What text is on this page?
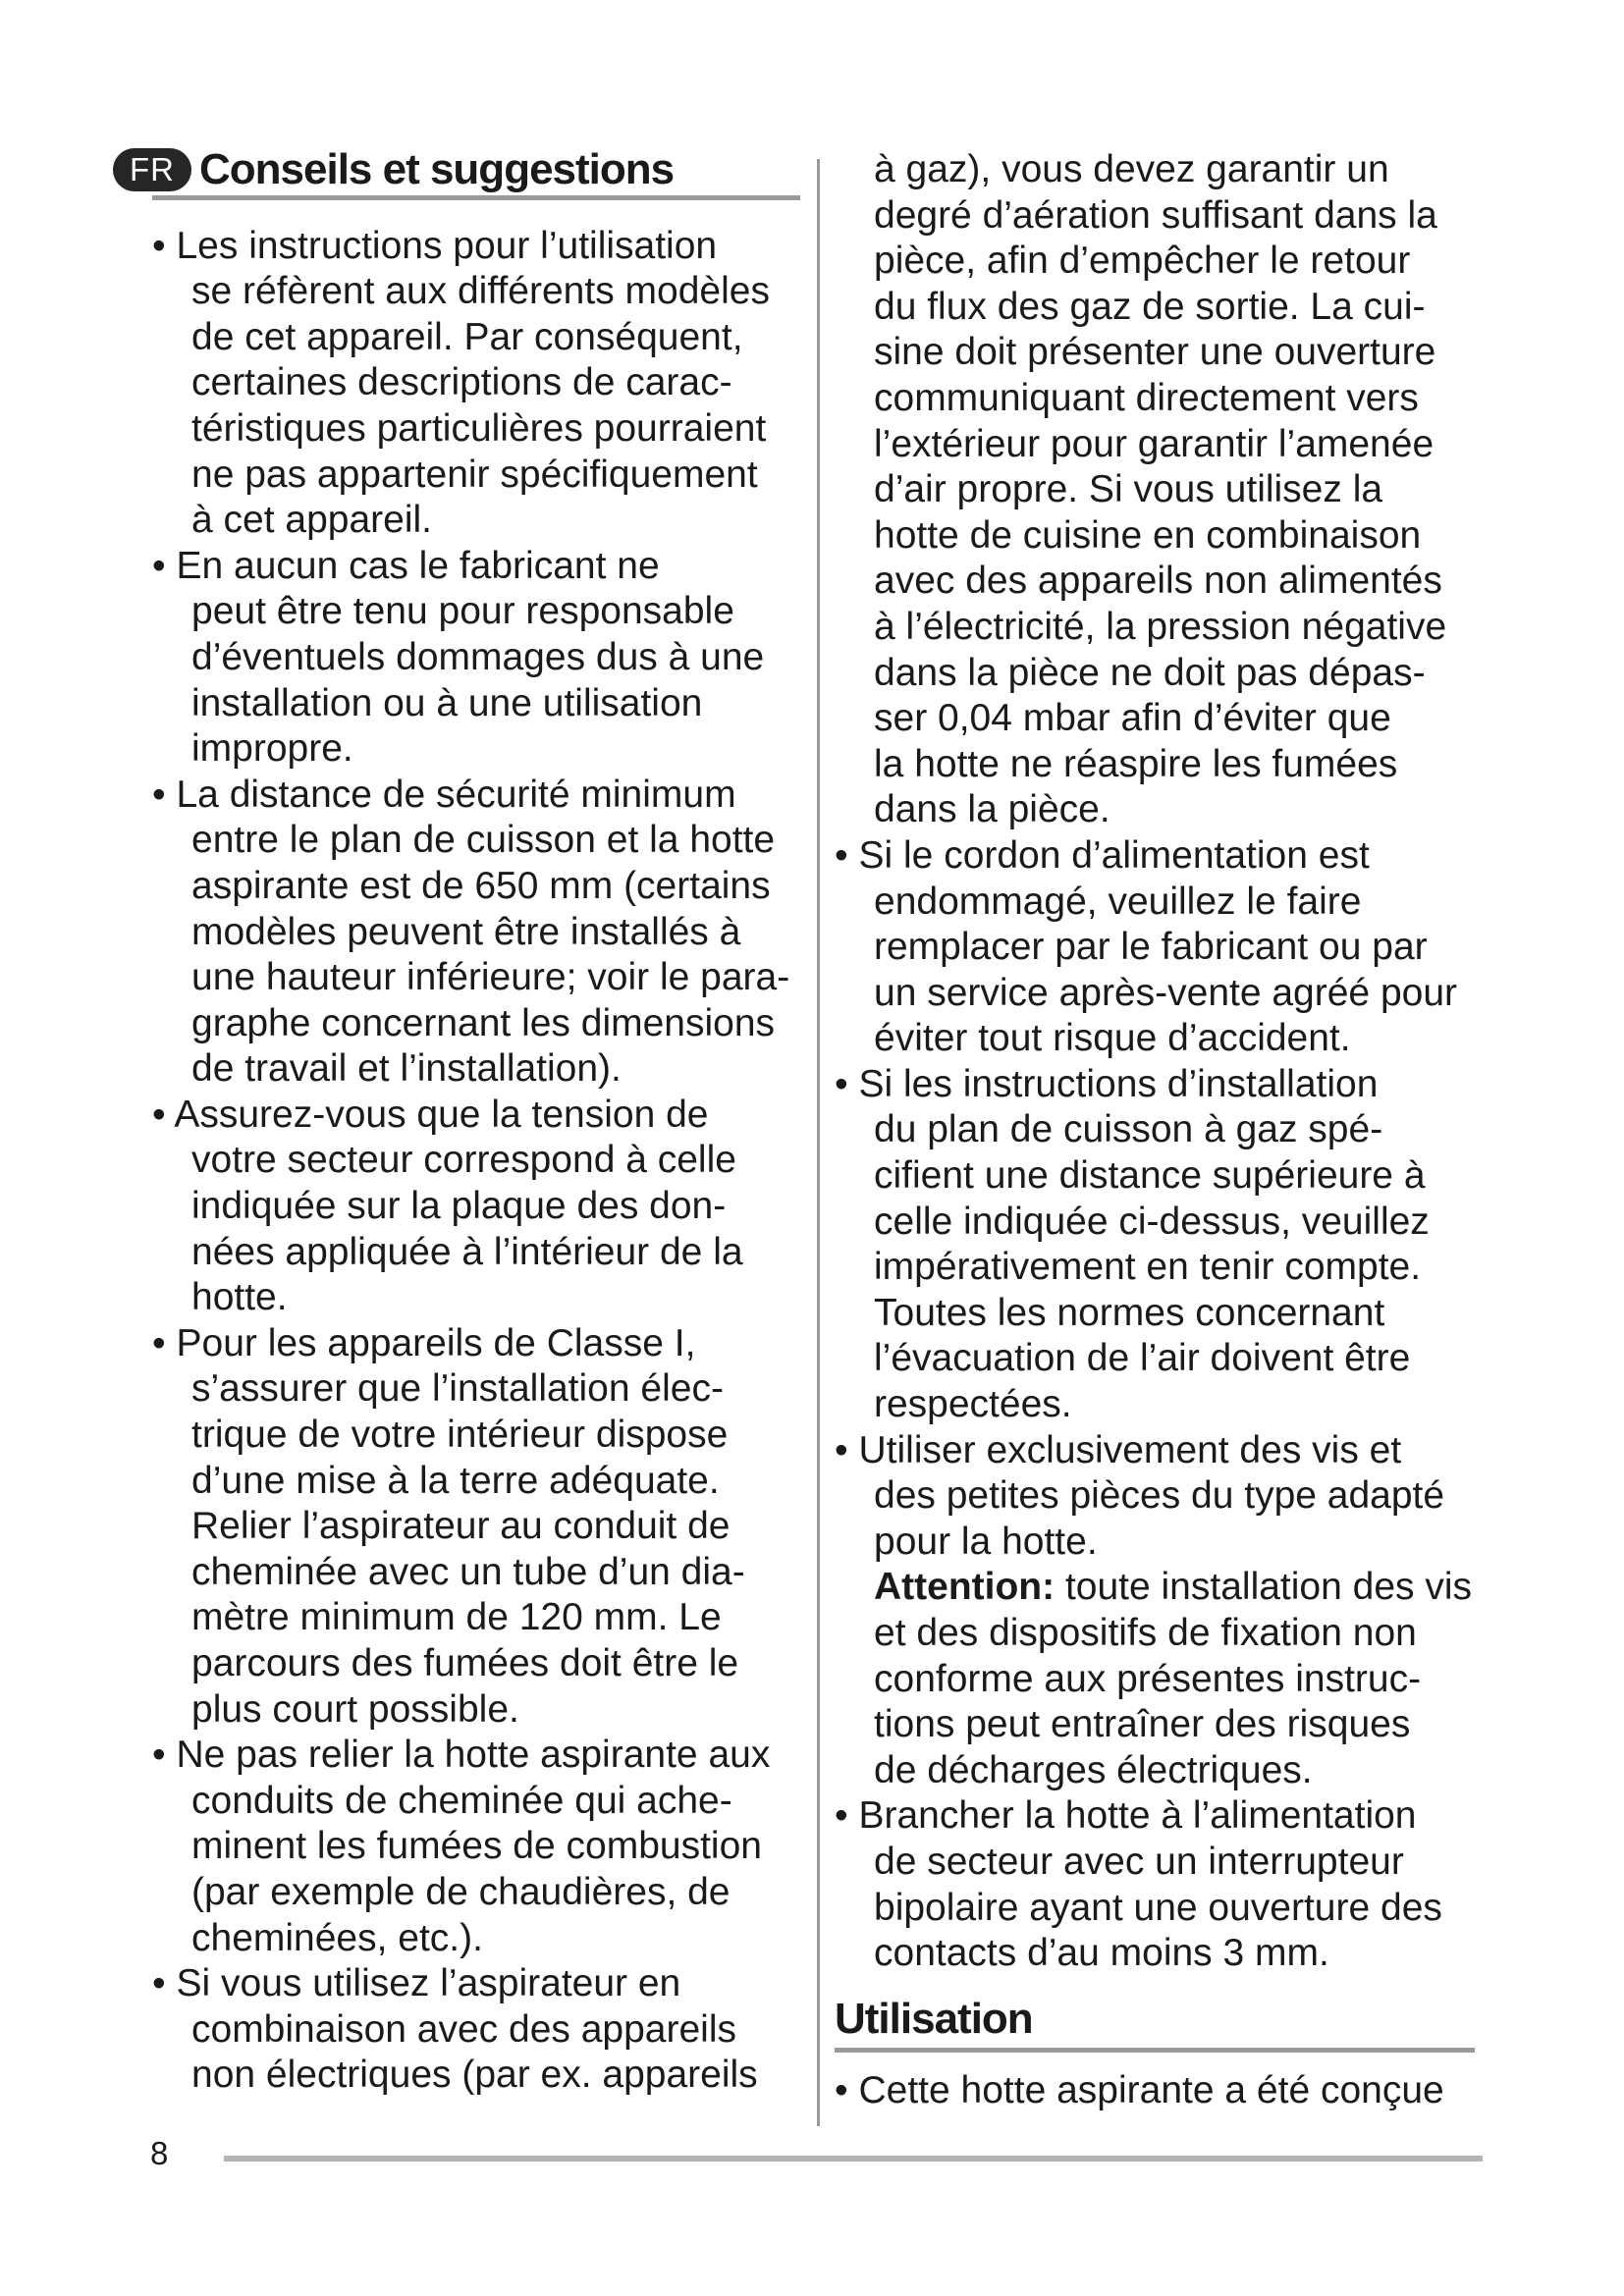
FR Conseils et suggestions
• Les instructions pour l’utilisation
se réfèrent aux différents modèles
de cet appareil. Par conséquent,
certaines descriptions de carac-
téristiques particulières pourraient
ne pas appartenir spécifiquement
à cet appareil.
• En aucun cas le fabricant ne
peut être tenu pour responsable
d’éventuels dommages dus à une
installation ou à une utilisation
impropre.
• La distance de sécurité minimum
entre le plan de cuisson et la hotte
aspirante est de 650 mm (certains
modèles peuvent être installés à
une hauteur inférieure; voir le para-
graphe concernant les dimensions
de travail et l’installation).
• Assurez-vous que la tension de
votre secteur correspond à celle
indiquée sur la plaque des don-
nées appliquée à l’intérieur de la
hotte.
• Pour les appareils de Classe I,
s’assurer que l’installation élec-
trique de votre intérieur dispose
d’une mise à la terre adéquate.
Relier l’aspirateur au conduit de
cheminée avec un tube d’un dia-
mètre minimum de 120 mm. Le
parcours des fumées doit être le
plus court possible.
• Ne pas relier la hotte aspirante aux
conduits de cheminée qui ache-
minent les fumées de combustion
(par exemple de chaudières, de
cheminées, etc.).
• Si vous utilisez l’aspirateur en
combinaison avec des appareils
non électriques (par ex. appareils
à gaz), vous devez garantir un
degré d’aération suffisant dans la
pièce, afin d’empêcher le retour
du flux des gaz de sortie. La cui-
sine doit présenter une ouverture
communiquant directement vers
l’extérieur pour garantir l’amenée
d’air propre. Si vous utilisez la
hotte de cuisine en combinaison
avec des appareils non alimentés
à l’électricité, la pression négative
dans la pièce ne doit pas dépas-
ser 0,04 mbar afin d’éviter que
la hotte ne réaspire les fumées
dans la pièce.
• Si le cordon d’alimentation est
endommagé, veuillez le faire
remplacer par le fabricant ou par
un service après-vente agréé pour
éviter tout risque d’accident.
• Si les instructions d’installation
du plan de cuisson à gaz spé-
cifient une distance supérieure à
celle indiquée ci-dessus, veuillez
impérativement en tenir compte.
Toutes les normes concernant
l’évacuation de l’air doivent être
respectées.
• Utiliser exclusivement des vis et
des petites pièces du type adapté
pour la hotte.
Attention: toute installation des vis
et des dispositifs de fixation non
conforme aux présentes instruc-
tions peut entraîner des risques
de décharges électriques.
• Brancher la hotte à l’alimentation
de secteur avec un interrupteur
bipolaire ayant une ouverture des
contacts d’au moins 3 mm.
Utilisation
• Cette hotte aspirante a été conçue
8
